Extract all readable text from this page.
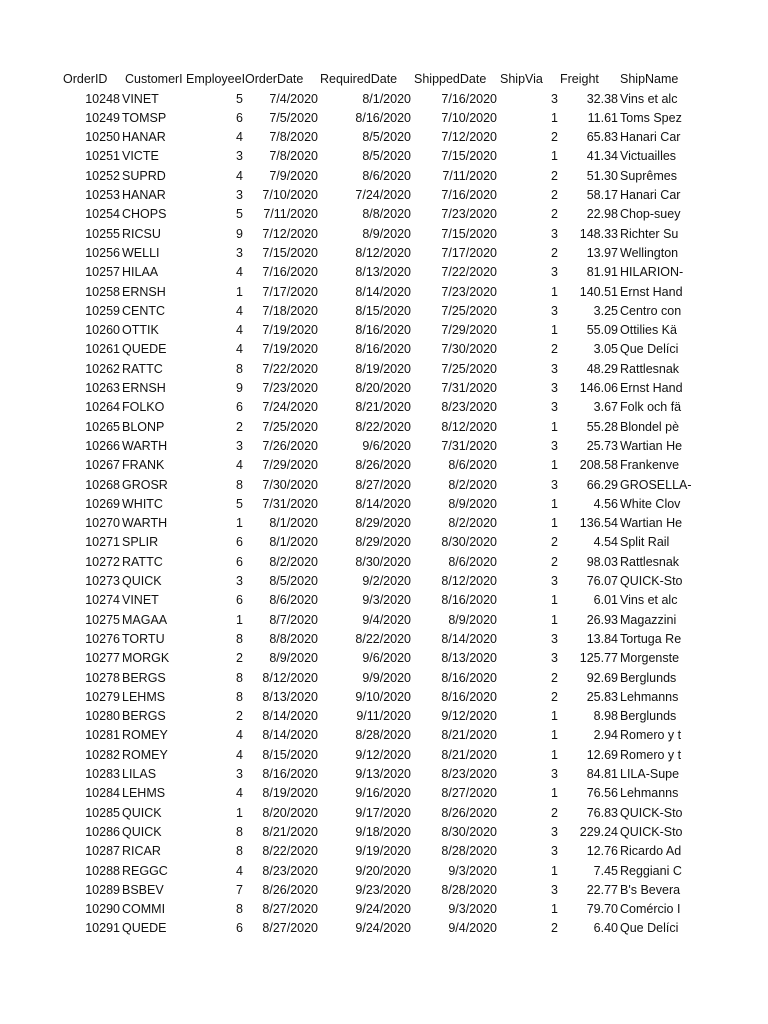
OrderID	CustomerI EmployeeI OrderDate	RequiredDate	ShippedDate	ShipVia	Freight	ShipName
10248 VINET	5	7/4/2020	8/1/2020	7/16/2020	3	32.38 Vins et alc
10249 TOMSP	6	7/5/2020	8/16/2020	7/10/2020	1	11.61 Toms Spez
10250 HANAR	4	7/8/2020	8/5/2020	7/12/2020	2	65.83 Hanari Car
10251 VICTE	3	7/8/2020	8/5/2020	7/15/2020	1	41.34 Victuailles
10252 SUPRD	4	7/9/2020	8/6/2020	7/11/2020	2	51.30 Suprêmes
10253 HANAR	3	7/10/2020	7/24/2020	7/16/2020	2	58.17 Hanari Car
10254 CHOPS	5	7/11/2020	8/8/2020	7/23/2020	2	22.98 Chop-suey
10255 RICSU	9	7/12/2020	8/9/2020	7/15/2020	3	148.33 Richter Su
10256 WELLI	3	7/15/2020	8/12/2020	7/17/2020	2	13.97 Wellington
10257 HILAA	4	7/16/2020	8/13/2020	7/22/2020	3	81.91 HILARION-
10258 ERNSH	1	7/17/2020	8/14/2020	7/23/2020	1	140.51 Ernst Hand
10259 CENTC	4	7/18/2020	8/15/2020	7/25/2020	3	3.25 Centro con
10260 OTTIK	4	7/19/2020	8/16/2020	7/29/2020	1	55.09 Ottilies Kä
10261 QUEDE	4	7/19/2020	8/16/2020	7/30/2020	2	3.05 Que Delíci
10262 RATTC	8	7/22/2020	8/19/2020	7/25/2020	3	48.29 Rattlesnak
10263 ERNSH	9	7/23/2020	8/20/2020	7/31/2020	3	146.06 Ernst Hand
10264 FOLKO	6	7/24/2020	8/21/2020	8/23/2020	3	3.67 Folk och fä
10265 BLONP	2	7/25/2020	8/22/2020	8/12/2020	1	55.28 Blondel pè
10266 WARTH	3	7/26/2020	9/6/2020	7/31/2020	3	25.73 Wartian He
10267 FRANK	4	7/29/2020	8/26/2020	8/6/2020	1	208.58 Frankenve
10268 GROSR	8	7/30/2020	8/27/2020	8/2/2020	3	66.29 GROSELLA-
10269 WHITC	5	7/31/2020	8/14/2020	8/9/2020	1	4.56 White Clov
10270 WARTH	1	8/1/2020	8/29/2020	8/2/2020	1	136.54 Wartian He
10271 SPLIR	6	8/1/2020	8/29/2020	8/30/2020	2	4.54 Split Rail
10272 RATTC	6	8/2/2020	8/30/2020	8/6/2020	2	98.03 Rattlesnak
10273 QUICK	3	8/5/2020	9/2/2020	8/12/2020	3	76.07 QUICK-Sto
10274 VINET	6	8/6/2020	9/3/2020	8/16/2020	1	6.01 Vins et alc
10275 MAGAA	1	8/7/2020	9/4/2020	8/9/2020	1	26.93 Magazzini
10276 TORTU	8	8/8/2020	8/22/2020	8/14/2020	3	13.84 Tortuga Re
10277 MORGK	2	8/9/2020	9/6/2020	8/13/2020	3	125.77 Morgenste
10278 BERGS	8	8/12/2020	9/9/2020	8/16/2020	2	92.69 Berglunds
10279 LEHMS	8	8/13/2020	9/10/2020	8/16/2020	2	25.83 Lehmanns
10280 BERGS	2	8/14/2020	9/11/2020	9/12/2020	1	8.98 Berglunds
10281 ROMEY	4	8/14/2020	8/28/2020	8/21/2020	1	2.94 Romero y t
10282 ROMEY	4	8/15/2020	9/12/2020	8/21/2020	1	12.69 Romero y t
10283 LILAS	3	8/16/2020	9/13/2020	8/23/2020	3	84.81 LILA-Supe
10284 LEHMS	4	8/19/2020	9/16/2020	8/27/2020	1	76.56 Lehmanns
10285 QUICK	1	8/20/2020	9/17/2020	8/26/2020	2	76.83 QUICK-Sto
10286 QUICK	8	8/21/2020	9/18/2020	8/30/2020	3	229.24 QUICK-Sto
10287 RICAR	8	8/22/2020	9/19/2020	8/28/2020	3	12.76 Ricardo Ad
10288 REGGC	4	8/23/2020	9/20/2020	9/3/2020	1	7.45 Reggiani C
10289 BSBEV	7	8/26/2020	9/23/2020	8/28/2020	3	22.77 B's Bevera
10290 COMMI	8	8/27/2020	9/24/2020	9/3/2020	1	79.70 Comércio I
10291 QUEDE	6	8/27/2020	9/24/2020	9/4/2020	2	6.40 Que Delíci
